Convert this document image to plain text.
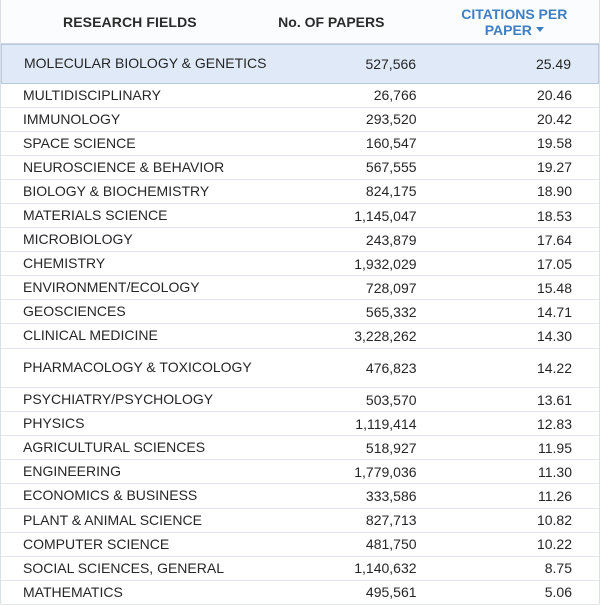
RESEARCH FIELDS	No. OF PAPERS	CITATIONS PER
PAPER
MOLECULAR BIOLOGY & GENETICS	527,566	25.49
MULTIDISCIPLINARY	26,766	20.46
IMMUNOLOGY	293,520	20.42
SPACE SCIENCE	160,547	19.58
NEUROSCIENCE & BEHAVIOR	567,555	19.27
BIOLOGY & BIOCHEMISTRY	824,175	18.90
MATERIALS SCIENCE	1,145,047	18.53
MICROBIOLOGY	243,879	17.64
CHEMISTRY	1,932,029	17.05
ENVIRONMENT/ECOLOGY	728,097	15.48
GEOSCIENCES	565,332	14.71
CLINICAL MEDICINE	3,228,262	14.30
PHARMACOLOGY & TOXICOLOGY	476,823	14.22
PSYCHIATRY/PSYCHOLOGY	503,570	13.61
PHYSICS	1,119,414	12.83
AGRICULTURAL SCIENCES	518,927	11.95
ENGINEERING	1,779,036	11.30
ECONOMICS & BUSINESS	333,586	11.26
PLANT & ANIMAL SCIENCE	827,713	10.82
COMPUTER SCIENCE	481,750	10.22
SOCIAL SCIENCES, GENERAL	1,140,632	8.75
MATHEMATICS	495,561	5.06
